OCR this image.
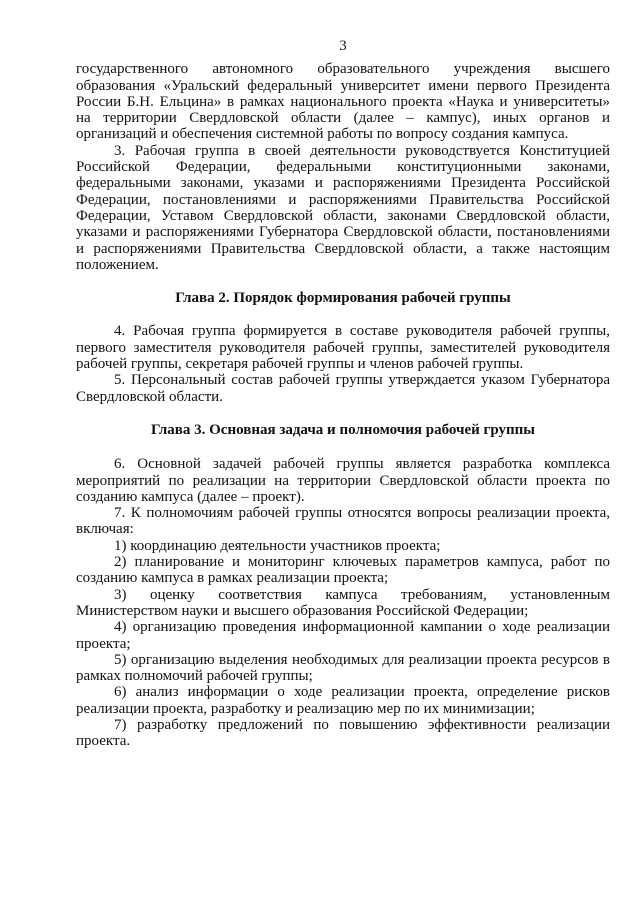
3

государственного автономного образовательного учреждения высшего образования «Уральский федеральный университет имени первого Президента России Б.Н. Ельцина» в рамках национального проекта «Наука и университеты» на территории Свердловской области (далее – кампус), иных органов и организаций и обеспечения системной работы по вопросу создания кампуса.

3. Рабочая группа в своей деятельности руководствуется Конституцией Российской Федерации, федеральными конституционными законами, федеральными законами, указами и распоряжениями Президента Российской Федерации, постановлениями и распоряжениями Правительства Российской Федерации, Уставом Свердловской области, законами Свердловской области, указами и распоряжениями Губернатора Свердловской области, постановлениями и распоряжениями Правительства Свердловской области, а также настоящим положением.

Глава 2. Порядок формирования рабочей группы

4. Рабочая группа формируется в составе руководителя рабочей группы, первого заместителя руководителя рабочей группы, заместителей руководителя рабочей группы, секретаря рабочей группы и членов рабочей группы.

5. Персональный состав рабочей группы утверждается указом Губернатора Свердловской области.

Глава 3. Основная задача и полномочия рабочей группы

6. Основной задачей рабочей группы является разработка комплекса мероприятий по реализации на территории Свердловской области проекта по созданию кампуса (далее – проект).

7. К полномочиям рабочей группы относятся вопросы реализации проекта, включая:

1) координацию деятельности участников проекта;

2) планирование и мониторинг ключевых параметров кампуса, работ по созданию кампуса в рамках реализации проекта;

3) оценку соответствия кампуса требованиям, установленным Министерством науки и высшего образования Российской Федерации;

4) организацию проведения информационной кампании о ходе реализации проекта;

5) организацию выделения необходимых для реализации проекта ресурсов в рамках полномочий рабочей группы;

6) анализ информации о ходе реализации проекта, определение рисков реализации проекта, разработку и реализацию мер по их минимизации;

7) разработку предложений по повышению эффективности реализации проекта.
